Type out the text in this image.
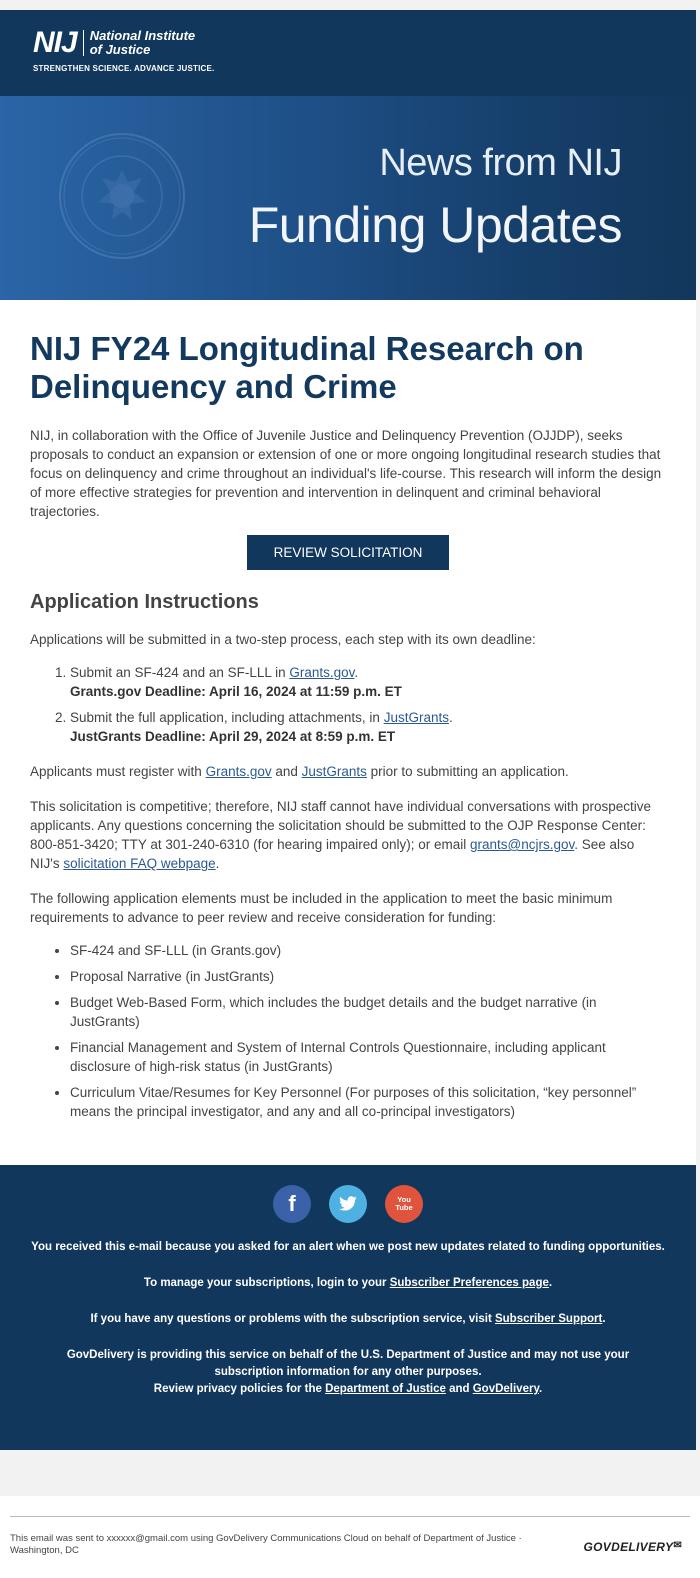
NIJ National Institute
of Justice
STRENGTHEN SCIENCE. ADVANCE JUSTICE.
News from NIJ
Funding Updates
NIJ FY24 Longitudinal Research on Delinquency and Crime

NIJ, in collaboration with the Office of Juvenile Justice and Delinquency Prevention (OJJDP), seeks proposals to conduct an expansion or extension of one or more ongoing longitudinal research studies that focus on delinquency and crime throughout an individual's life-course. This research will inform the design of more effective strategies for prevention and intervention in delinquent and criminal behavioral trajectories.

REVIEW SOLICITATION
Application Instructions

Applications will be submitted in a two-step process, each step with its own deadline:

1. Submit an SF-424 and an SF-LLL in Grants.gov.
Grants.gov Deadline: April 16, 2024 at 11:59 p.m. ET
2. Submit the full application, including attachments, in JustGrants.
JustGrants Deadline: April 29, 2024 at 8:59 p.m. ET

Applicants must register with Grants.gov and JustGrants prior to submitting an application.

This solicitation is competitive; therefore, NIJ staff cannot have individual conversations with prospective applicants. Any questions concerning the solicitation should be submitted to the OJP Response Center: 800-851-3420; TTY at 301-240-6310 (for hearing impaired only); or email grants@ncjrs.gov. See also NIJ's solicitation FAQ webpage.

The following application elements must be included in the application to meet the basic minimum requirements to advance to peer review and receive consideration for funding:

• SF-424 and SF-LLL (in Grants.gov)
• Proposal Narrative (in JustGrants)
• Budget Web-Based Form, which includes the budget details and the budget narrative (in JustGrants)
• Financial Management and System of Internal Controls Questionnaire, including applicant disclosure of high-risk status (in JustGrants)
• Curriculum Vitae/Resumes for Key Personnel (For purposes of this solicitation, “key personnel” means the principal investigator, and any and all co-principal investigators)
f	You Tube

You received this e-mail because you asked for an alert when we post new updates related to funding opportunities.

To manage your subscriptions, login to your Subscriber Preferences page.

If you have any questions or problems with the subscription service, visit Subscriber Support.

GovDelivery is providing this service on behalf of the U.S. Department of Justice and may not use your subscription information for any other purposes.

Review privacy policies for the Department of Justice and GovDelivery.

This email was sent to xxxxxx@gmail.com using GovDelivery Communications Cloud on behalf of Department of Justice · Washington, DC	GOVDELIVERY✉
